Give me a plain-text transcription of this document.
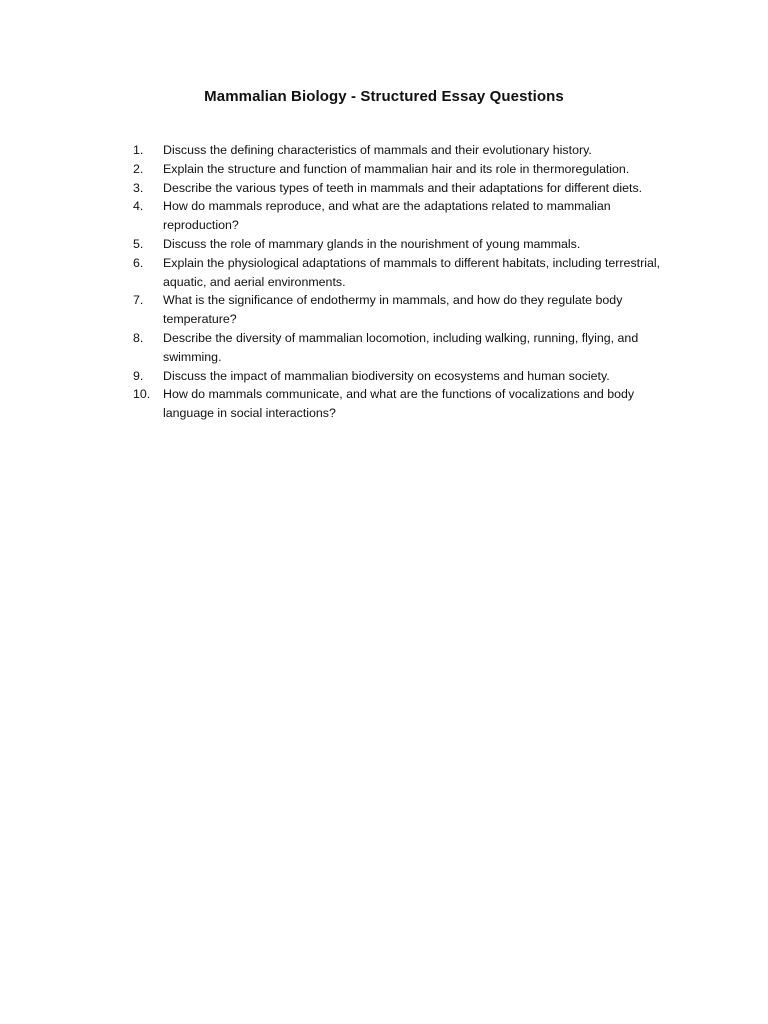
Mammalian Biology - Structured Essay Questions
1.	Discuss the defining characteristics of mammals and their evolutionary history.
2.	Explain the structure and function of mammalian hair and its role in thermoregulation.
3.	Describe the various types of teeth in mammals and their adaptations for different diets.
4.	How do mammals reproduce, and what are the adaptations related to mammalian reproduction?
5.	Discuss the role of mammary glands in the nourishment of young mammals.
6.	Explain the physiological adaptations of mammals to different habitats, including terrestrial, aquatic, and aerial environments.
7.	What is the significance of endothermy in mammals, and how do they regulate body temperature?
8.	Describe the diversity of mammalian locomotion, including walking, running, flying, and swimming.
9.	Discuss the impact of mammalian biodiversity on ecosystems and human society.
10.	How do mammals communicate, and what are the functions of vocalizations and body language in social interactions?
